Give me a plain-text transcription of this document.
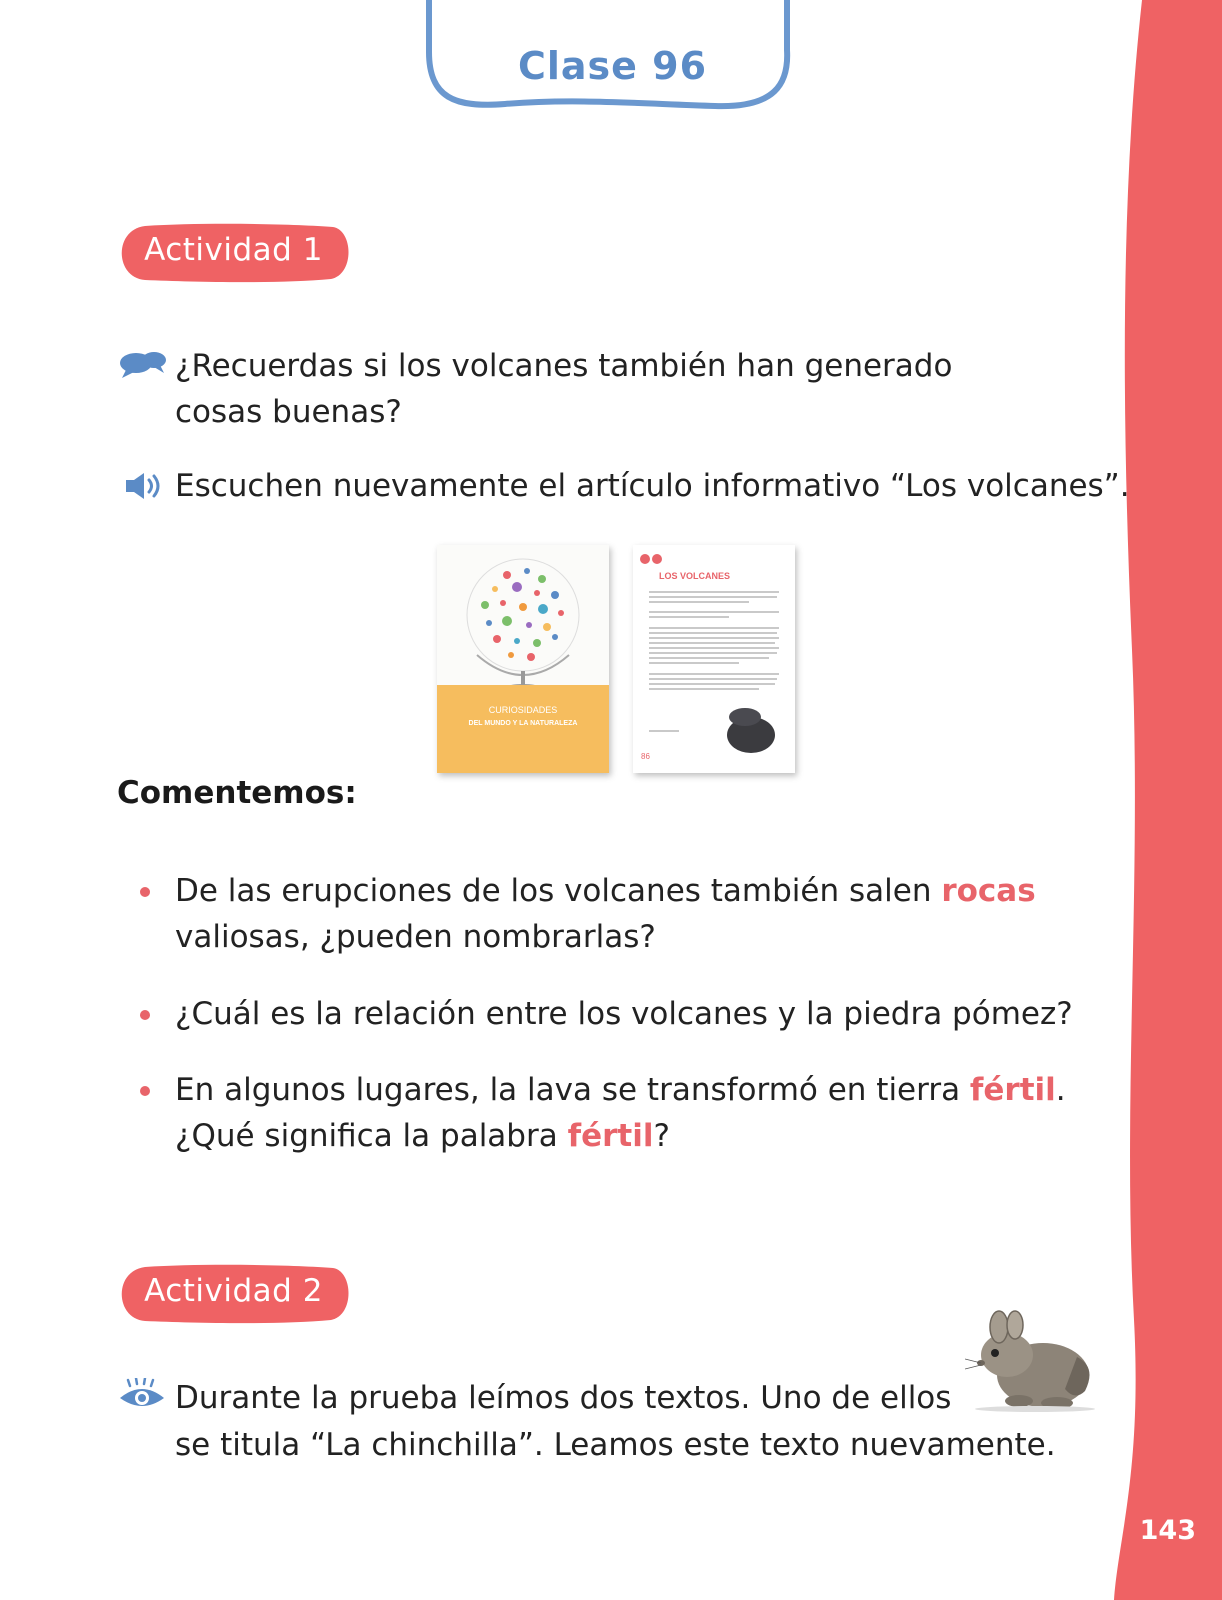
143
Clase 96
Actividad 1
¿Recuerdas si los volcanes también han generado
cosas buenas?
Escuchen nuevamente el artículo informativo “Los volcanes”.
CURIOSIDADES
DEL MUNDO Y LA NATURALEZA
LOS VOLCANES
86
Comentemos:
De las erupciones de los volcanes también salen rocas
valiosas, ¿pueden nombrarlas?
¿Cuál es la relación entre los volcanes y la piedra pómez?
En algunos lugares, la lava se transformó en tierra fértil.
¿Qué significa la palabra fértil?
Actividad 2
Durante la prueba leímos dos textos. Uno de ellos
se titula “La chinchilla”. Leamos este texto nuevamente.
